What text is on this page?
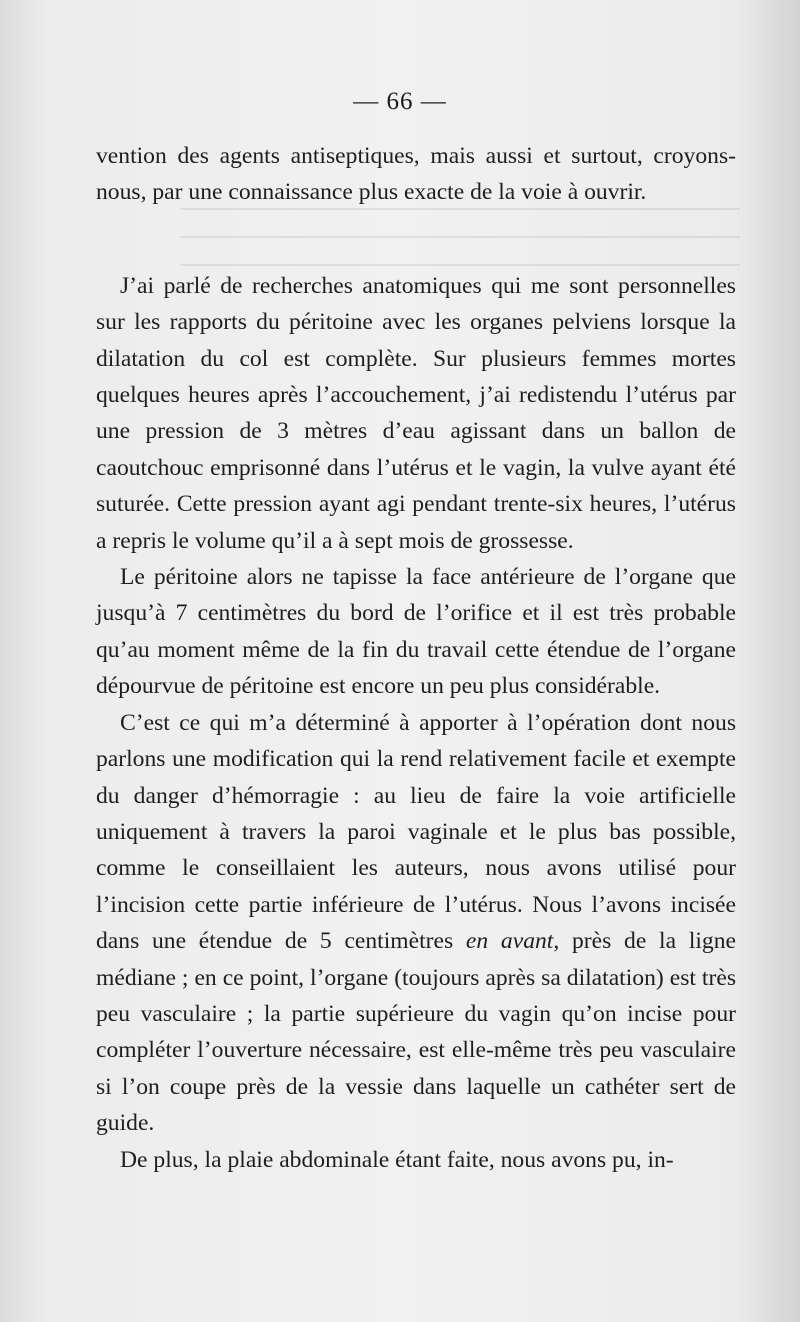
— 66 —

vention des agents antiseptiques, mais aussi et surtout, croyons-nous, par une connaissance plus exacte de la voie à ouvrir.

J’ai parlé de recherches anatomiques qui me sont personnelles sur les rapports du péritoine avec les organes pelviens lorsque la dilatation du col est complète. Sur plusieurs femmes mortes quelques heures après l’accouchement, j’ai redistendu l’utérus par une pression de 3 mètres d’eau agissant dans un ballon de caoutchouc emprisonné dans l’utérus et le vagin, la vulve ayant été suturée. Cette pression ayant agi pendant trente-six heures, l’utérus a repris le volume qu’il a à sept mois de grossesse.

Le péritoine alors ne tapisse la face antérieure de l’organe que jusqu’à 7 centimètres du bord de l’orifice et il est très probable qu’au moment même de la fin du travail cette étendue de l’organe dépourvue de péritoine est encore un peu plus considérable.

C’est ce qui m’a déterminé à apporter à l’opération dont nous parlons une modification qui la rend relativement facile et exempte du danger d’hémorragie : au lieu de faire la voie artificielle uniquement à travers la paroi vaginale et le plus bas possible, comme le conseillaient les auteurs, nous avons utilisé pour l’incision cette partie inférieure de l’utérus. Nous l’avons incisée dans une étendue de 5 centimètres en avant, près de la ligne médiane ; en ce point, l’organe (toujours après sa dilatation) est très peu vasculaire ; la partie supérieure du vagin qu’on incise pour compléter l’ouverture nécessaire, est elle-même très peu vasculaire si l’on coupe près de la vessie dans laquelle un cathéter sert de guide.

De plus, la plaie abdominale étant faite, nous avons pu, in-
